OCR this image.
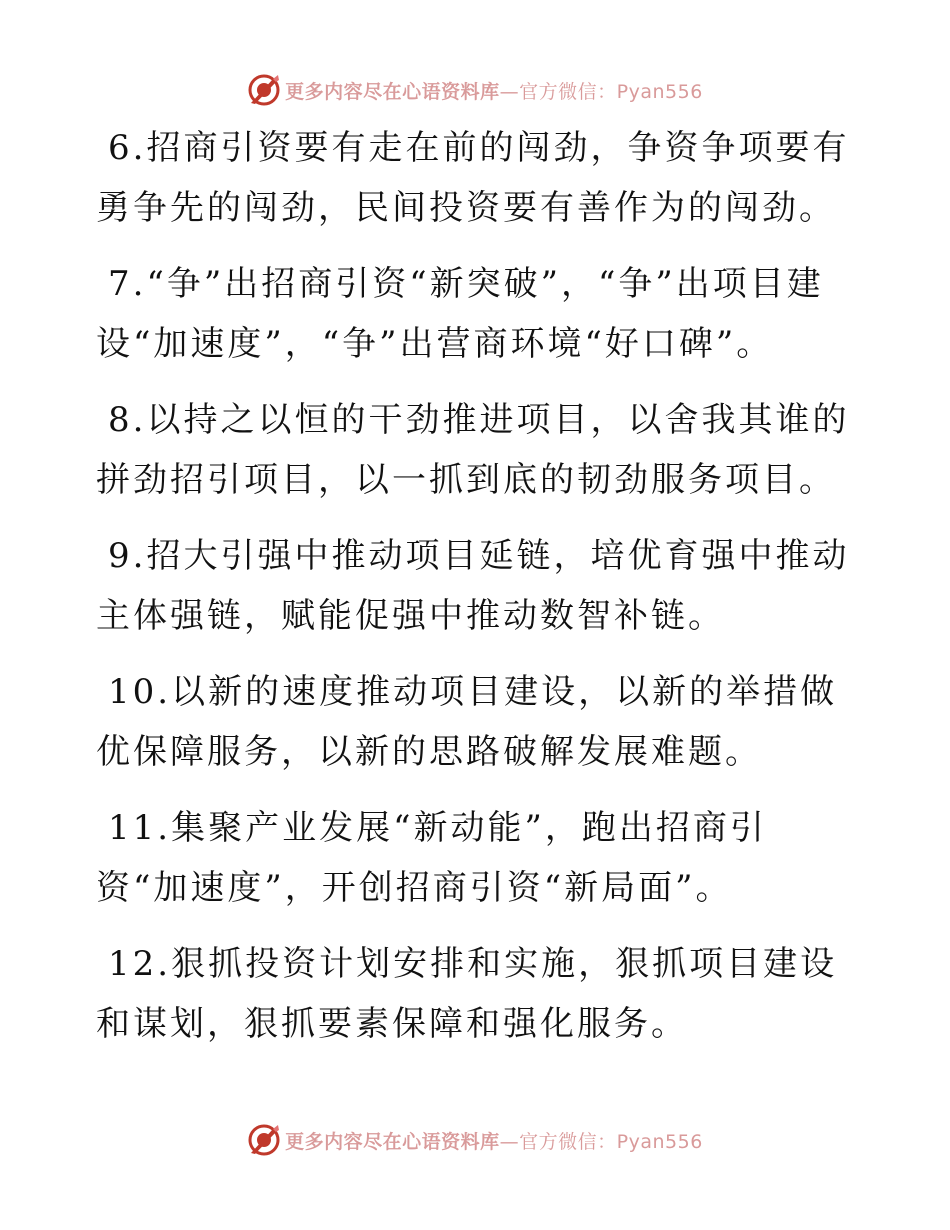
更多内容尽在心语资料库 —官方微信：Pyan556

6.招商引资要有走在前的闯劲，争资争项要有勇争先的闯劲，民间投资要有善作为的闯劲。

7.“争”出招商引资“新突破”，“争”出项目建设“加速度”，“争”出营商环境“好口碑”。

8.以持之以恒的干劲推进项目，以舍我其谁的拼劲招引项目，以一抓到底的韧劲服务项目。

9.招大引强中推动项目延链，培优育强中推动主体强链，赋能促强中推动数智补链。

10.以新的速度推动项目建设，以新的举措做优保障服务，以新的思路破解发展难题。

11.集聚产业发展“新动能”，跑出招商引资“加速度”，开创招商引资“新局面”。

12.狠抓投资计划安排和实施，狠抓项目建设和谋划，狠抓要素保障和强化服务。

更多内容尽在心语资料库 —官方微信：Pyan556
